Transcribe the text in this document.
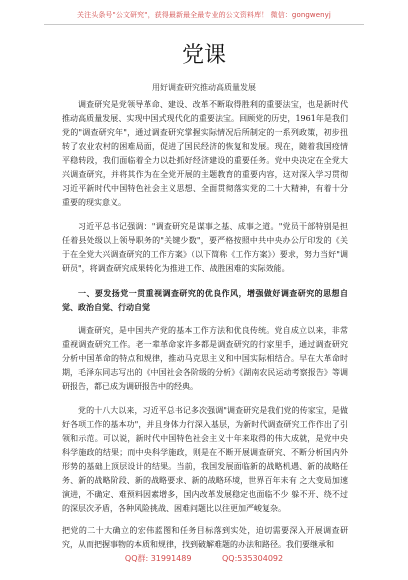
关注头条号"公文研究"，获得最新最全最专业的公文资料库！ 微信：gongwenyj
党课
用好调查研究推动高质量发展

调查研究是党领导革命、建设、改革不断取得胜利的重要法宝，也是新时代推动高质量发展、实现中国式现代化的重要法宝。回顾党的历史，1961年是我们党的"调查研究年"，通过调查研究掌握实际情况后所制定的一系列政策，初步扭转了农业农村的困难局面，促进了国民经济的恢复和发展。现在，随着我国疫情平稳转段，我们面临着全力以赴抓好经济建设的重要任务。党中央决定在全党大兴调查研究，并将其作为在全党开展的主题教育的重要内容，这对深入学习贯彻习近平新时代中国特色社会主义思想、全面贯彻落实党的二十大精神，有着十分重要的现实意义。

习近平总书记强调："调查研究是谋事之基、成事之道。"党员干部特别是担任着县处级以上领导职务的"关键少数"，要严格按照中共中央办公厅印发的《关于在全党大兴调查研究的工作方案》（以下简称《工作方案》）要求，努力当好"调研员"，将调查研究成果转化为推进工作、战胜困难的实际效能。

一、要发扬党一贯重视调查研究的优良作风，增强做好调查研究的思想自觉、政治自觉、行动自觉

调查研究，是中国共产党的基本工作方法和优良传统。党自成立以来，非常重视调查研究工作。老一辈革命家许多都是调查研究的行家里手，通过调查研究分析中国革命的特点和规律，推动马克思主义和中国实际相结合。早在大革命时期，毛泽东同志写出的《中国社会各阶级的分析》《湖南农民运动考察报告》等调研报告，都已成为调研报告中的经典。

党的十八大以来，习近平总书记多次强调"调查研究是我们党的传家宝，是做好各项工作的基本功"，并且身体力行深入基层，为新时代调查研究工作作出了引领和示范。可以说，新时代中国特色社会主义十年来取得的伟大成就，是党中央科学施政的结果；而中央科学施政，则是在不断开展调查研究、不断分析国内外形势的基础上顶层设计的结果。当前，我国发展面临新的战略机遇、新的战略任务、新的战略阶段、新的战略要求、新的战略环境，世界百年未有 之大变局加速演进，不确定、难预料因素增多，国内改革发展稳定也面临不少 躲不开、绕不过的深层次矛盾，各种风险挑战、困难问题比以往更加严峻复杂。

把党的二十大确立的宏伟蓝图和任务目标落到实处，迫切需要深入开展调查研究，从而把握事物的本质和规律，找到破解难题的办法和路径。我们要继承和

QQ群: 31991489	QQ:535304092
